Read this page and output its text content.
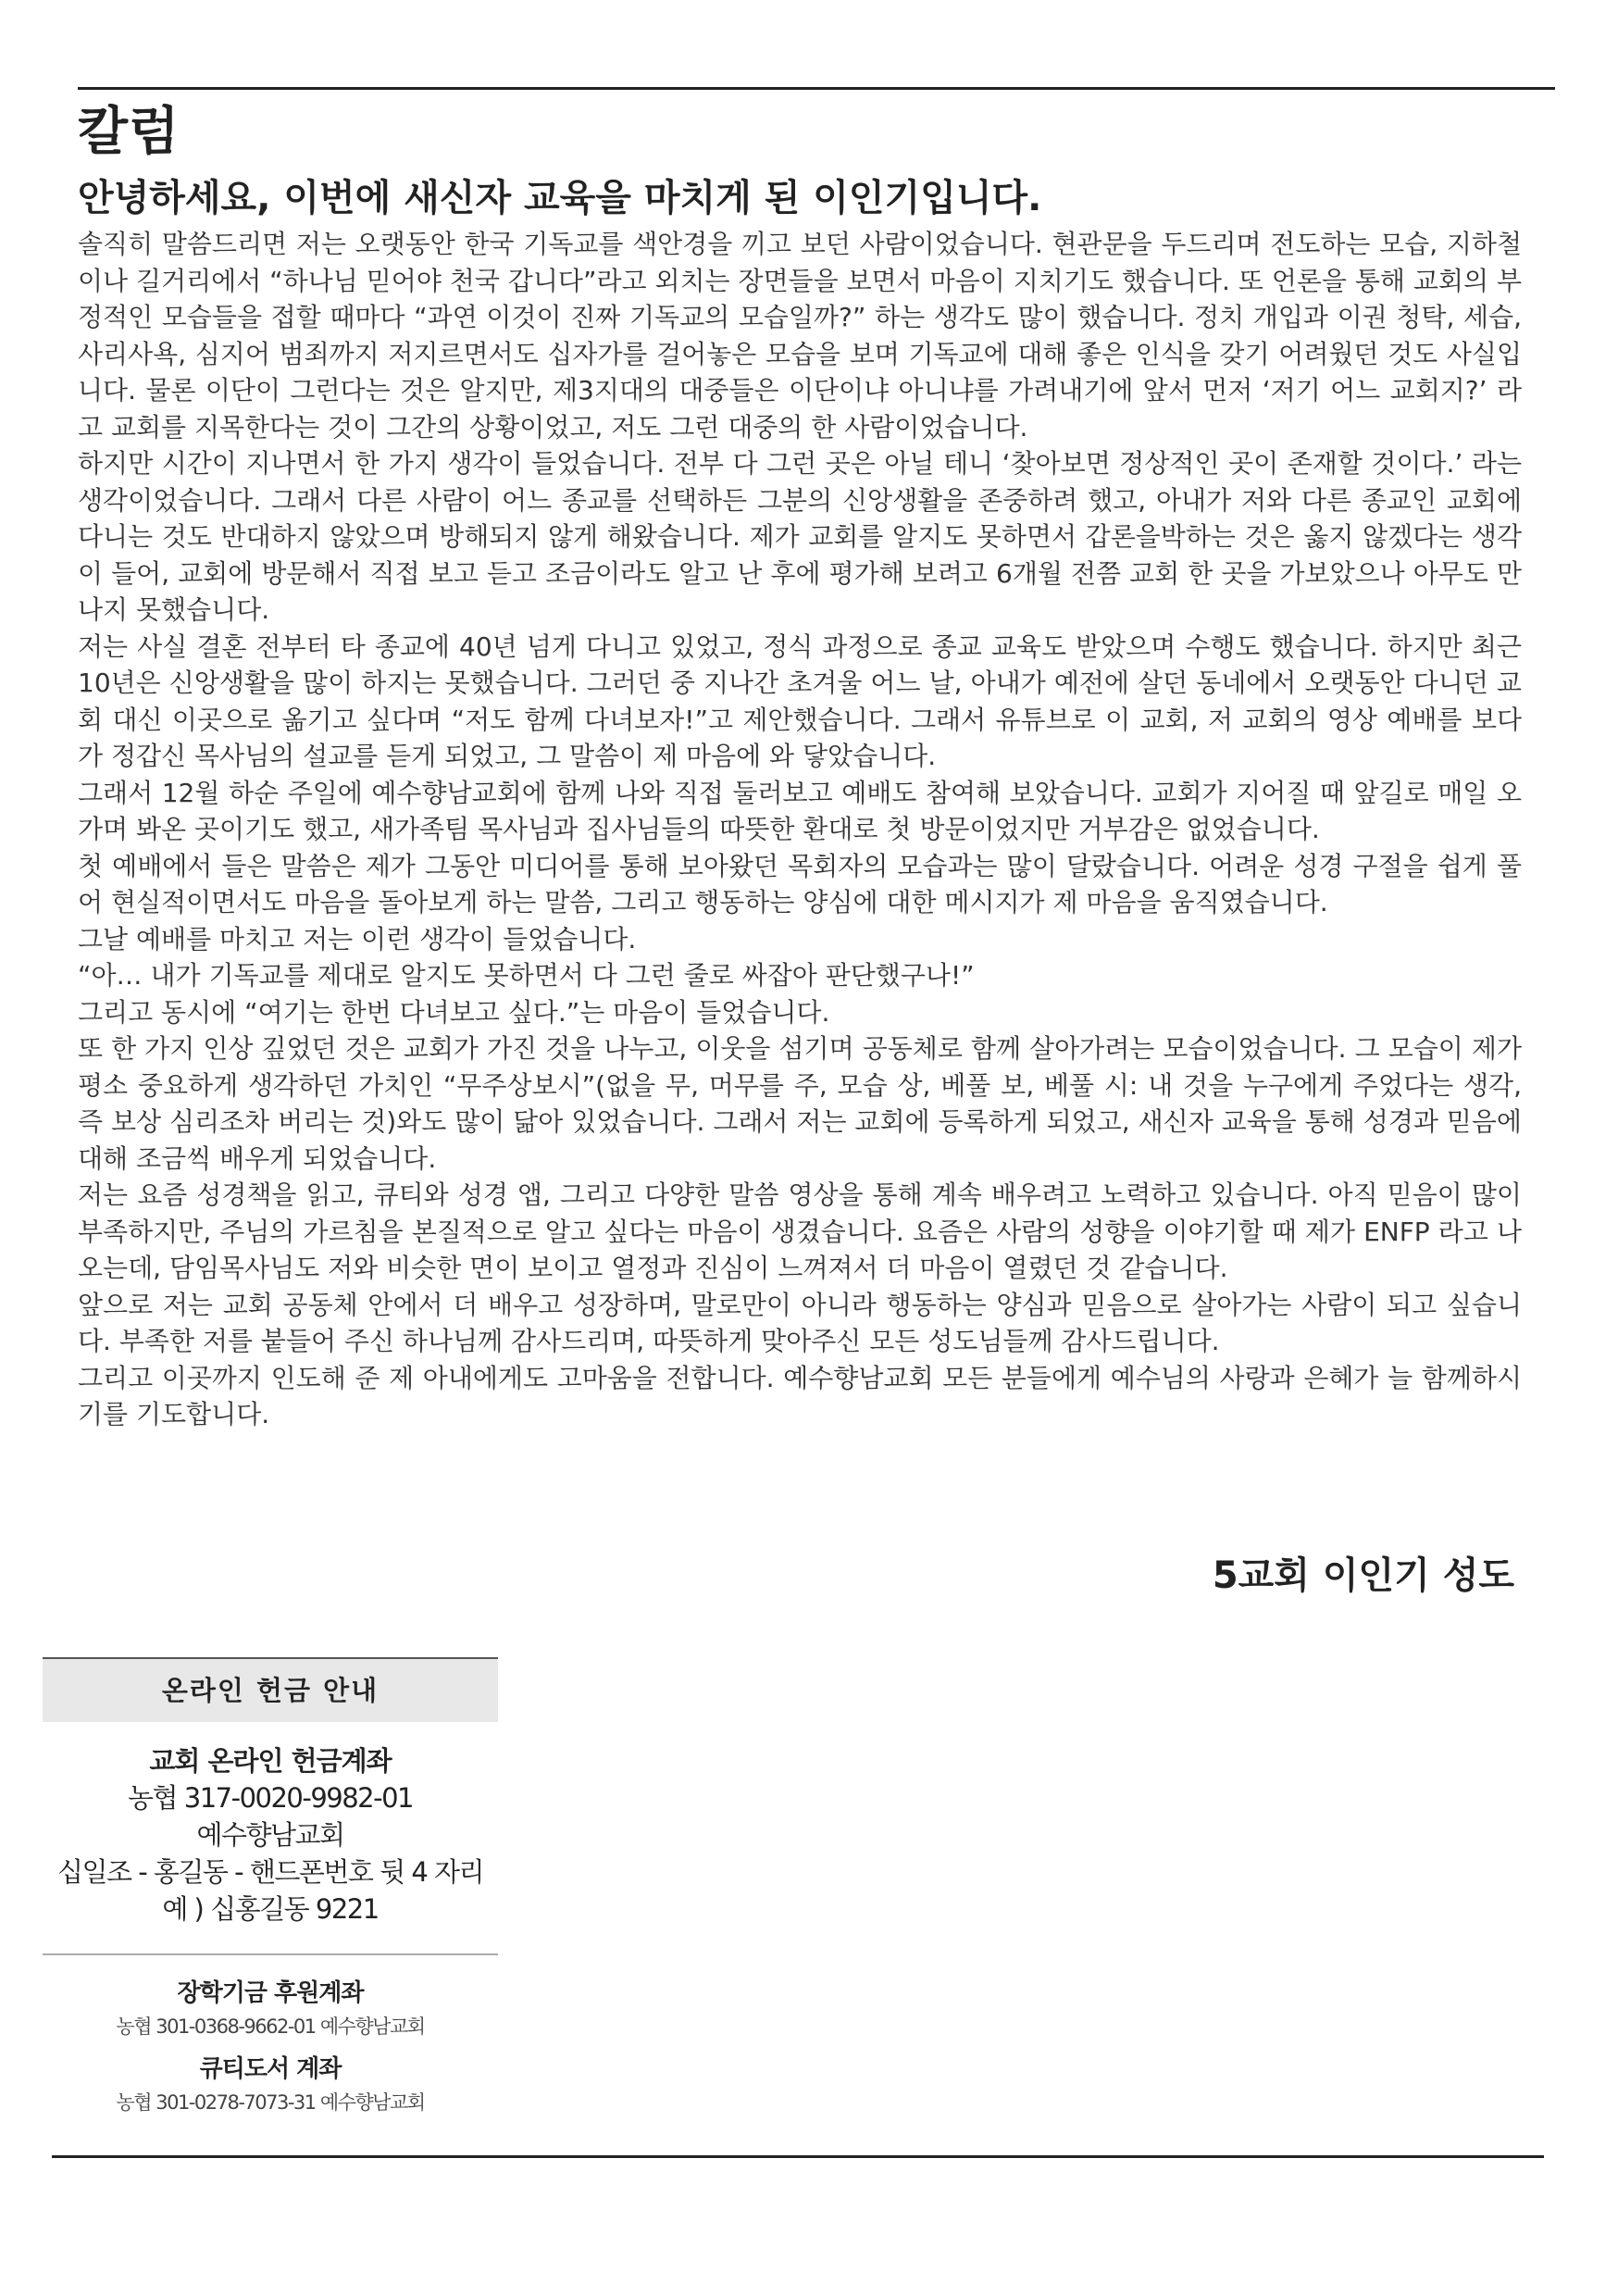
칼럼
안녕하세요, 이번에 새신자 교육을 마치게 된 이인기입니다.

솔직히 말씀드리면 저는 오랫동안 한국 기독교를 색안경을 끼고 보던 사람이었습니다. 현관문을 두드리며 전도하는 모습, 지하철이나 길거리에서 “하나님 믿어야 천국 갑니다”라고 외치는 장면들을 보면서 마음이 지치기도 했습니다. 또 언론을 통해 교회의 부정적인 모습들을 접할 때마다 “과연 이것이 진짜 기독교의 모습일까?” 하는 생각도 많이 했습니다. 정치 개입과 이권 청탁, 세습, 사리사욕, 심지어 범죄까지 저지르면서도 십자가를 걸어놓은 모습을 보며 기독교에 대해 좋은 인식을 갖기 어려웠던 것도 사실입니다. 물론 이단이 그런다는 것은 알지만, 제3지대의 대중들은 이단이냐 아니냐를 가려내기에 앞서 먼저 ‘저기 어느 교회지?’ 라고 교회를 지목한다는 것이 그간의 상황이었고, 저도 그런 대중의 한 사람이었습니다.

하지만 시간이 지나면서 한 가지 생각이 들었습니다. 전부 다 그런 곳은 아닐 테니 ‘찾아보면 정상적인 곳이 존재할 것이다.’ 라는 생각이었습니다. 그래서 다른 사람이 어느 종교를 선택하든 그분의 신앙생활을 존중하려 했고, 아내가 저와 다른 종교인 교회에 다니는 것도 반대하지 않았으며 방해되지 않게 해왔습니다. 제가 교회를 알지도 못하면서 갑론을박하는 것은 옳지 않겠다는 생각이 들어, 교회에 방문해서 직접 보고 듣고 조금이라도 알고 난 후에 평가해 보려고 6개월 전쯤 교회 한 곳을 가보았으나 아무도 만나지 못했습니다.

저는 사실 결혼 전부터 타 종교에 40년 넘게 다니고 있었고, 정식 과정으로 종교 교육도 받았으며 수행도 했습니다. 하지만 최근 10년은 신앙생활을 많이 하지는 못했습니다. 그러던 중 지나간 초겨울 어느 날, 아내가 예전에 살던 동네에서 오랫동안 다니던 교회 대신 이곳으로 옮기고 싶다며 “저도 함께 다녀보자!”고 제안했습니다. 그래서 유튜브로 이 교회, 저 교회의 영상 예배를 보다가 정갑신 목사님의 설교를 듣게 되었고, 그 말씀이 제 마음에 와 닿았습니다.

그래서 12월 하순 주일에 예수향남교회에 함께 나와 직접 둘러보고 예배도 참여해 보았습니다. 교회가 지어질 때 앞길로 매일 오가며 봐온 곳이기도 했고, 새가족팀 목사님과 집사님들의 따뜻한 환대로 첫 방문이었지만 거부감은 없었습니다.

첫 예배에서 들은 말씀은 제가 그동안 미디어를 통해 보아왔던 목회자의 모습과는 많이 달랐습니다. 어려운 성경 구절을 쉽게 풀어 현실적이면서도 마음을 돌아보게 하는 말씀, 그리고 행동하는 양심에 대한 메시지가 제 마음을 움직였습니다.

그날 예배를 마치고 저는 이런 생각이 들었습니다.

“아… 내가 기독교를 제대로 알지도 못하면서 다 그런 줄로 싸잡아 판단했구나!”

그리고 동시에 “여기는 한번 다녀보고 싶다.”는 마음이 들었습니다.

또 한 가지 인상 깊었던 것은 교회가 가진 것을 나누고, 이웃을 섬기며 공동체로 함께 살아가려는 모습이었습니다. 그 모습이 제가 평소 중요하게 생각하던 가치인 “무주상보시”(없을 무, 머무를 주, 모습 상, 베풀 보, 베풀 시: 내 것을 누구에게 주었다는 생각, 즉 보상 심리조차 버리는 것)와도 많이 닮아 있었습니다. 그래서 저는 교회에 등록하게 되었고, 새신자 교육을 통해 성경과 믿음에 대해 조금씩 배우게 되었습니다.

저는 요즘 성경책을 읽고, 큐티와 성경 앱, 그리고 다양한 말씀 영상을 통해 계속 배우려고 노력하고 있습니다. 아직 믿음이 많이 부족하지만, 주님의 가르침을 본질적으로 알고 싶다는 마음이 생겼습니다. 요즘은 사람의 성향을 이야기할 때 제가 ENFP 라고 나오는데, 담임목사님도 저와 비슷한 면이 보이고 열정과 진심이 느껴져서 더 마음이 열렸던 것 같습니다.

앞으로 저는 교회 공동체 안에서 더 배우고 성장하며, 말로만이 아니라 행동하는 양심과 믿음으로 살아가는 사람이 되고 싶습니다. 부족한 저를 붙들어 주신 하나님께 감사드리며, 따뜻하게 맞아주신 모든 성도님들께 감사드립니다.

그리고 이곳까지 인도해 준 제 아내에게도 고마움을 전합니다. 예수향남교회 모든 분들에게 예수님의 사랑과 은혜가 늘 함께하시기를 기도합니다.

5교회 이인기 성도
온라인 헌금 안내
교회 온라인 헌금계좌
농협 317-0020-9982-01
예수향남교회
십일조 - 홍길동 - 핸드폰번호 뒷 4 자리
예 ) 십홍길동 9221
장학기금 후원계좌
농협 301-0368-9662-01 예수향남교회
큐티도서 계좌
농협 301-0278-7073-31 예수향남교회
